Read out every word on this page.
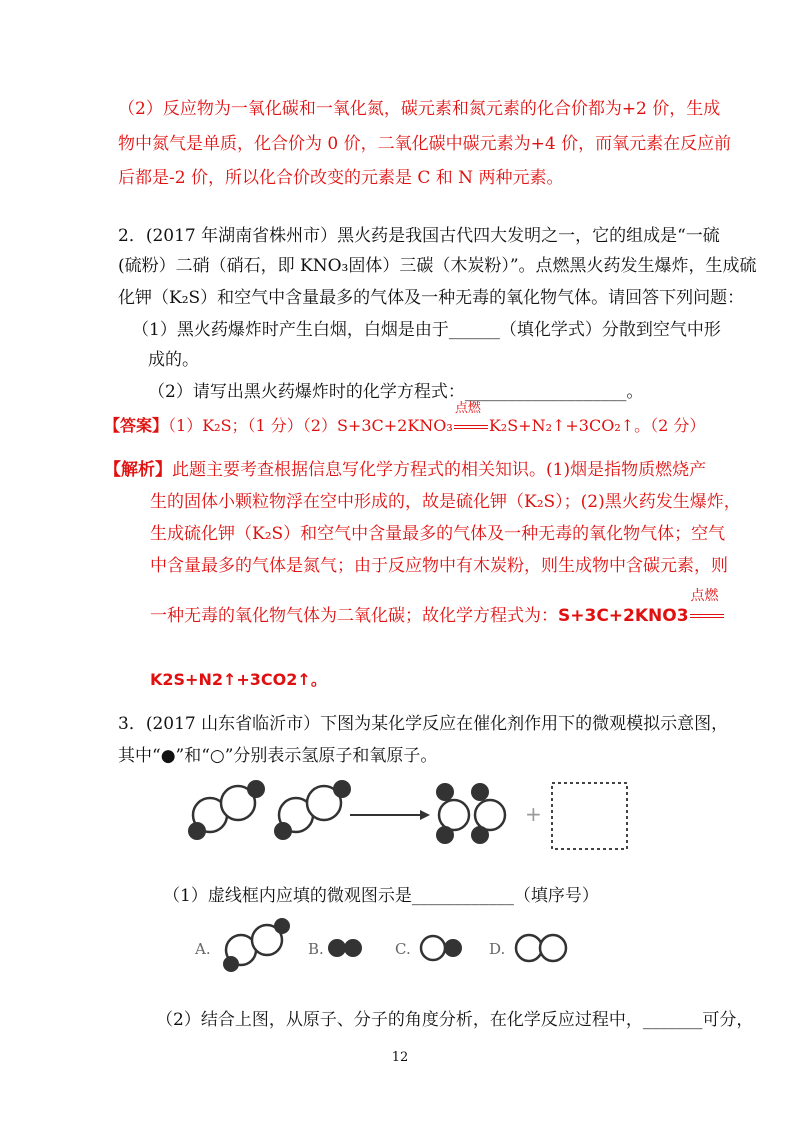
（2）反应物为一氧化碳和一氧化氮，碳元素和氮元素的化合价都为+2 价，生成
物中氮气是单质，化合价为 0 价，二氧化碳中碳元素为+4 价，而氧元素在反应前
后都是-2 价，所以化合价改变的元素是 C 和 N 两种元素。
2．(2017 年湖南省株州市）黑火药是我国古代四大发明之一，它的组成是“一硫
(硫粉）二硝（硝石，即 KNO₃固体）三碳（木炭粉）”。点燃黑火药发生爆炸，生成硫
化钾（K₂S）和空气中含量最多的气体及一种无毒的氧化物气体。请回答下列问题：
（1）黑火药爆炸时产生白烟，白烟是由于______（填化学式）分散到空气中形
成的。
（2）请写出黑火药爆炸时的化学方程式：___________________。
【答案】（1）K₂S；（1 分）（2）S+3C+2KNO₃
点燃
K₂S+N₂↑+3CO₂↑。（2 分）
【解析】此题主要考查根据信息写化学方程式的相关知识。(1)烟是指物质燃烧产
生的固体小颗粒物浮在空中形成的，故是硫化钾（K₂S）；(2)黑火药发生爆炸，
生成硫化钾（K₂S）和空气中含量最多的气体及一种无毒的氧化物气体；空气
中含量最多的气体是氮气；由于反应物中有木炭粉，则生成物中含碳元素，则
一种无毒的氧化物气体为二氧化碳；故化学方程式为：S+3C+2KNO3
点燃
K2S+N2↑+3CO2↑。
3．(2017 山东省临沂市）下图为某化学反应在催化剂作用下的微观模拟示意图，
其中“●”和“○”分别表示氢原子和氧原子。
+
（1）虚线框内应填的微观图示是____________（填序号）
A.	B.	C.	D.
（2）结合上图，从原子、分子的角度分析，在化学反应过程中，_______可分，
12
